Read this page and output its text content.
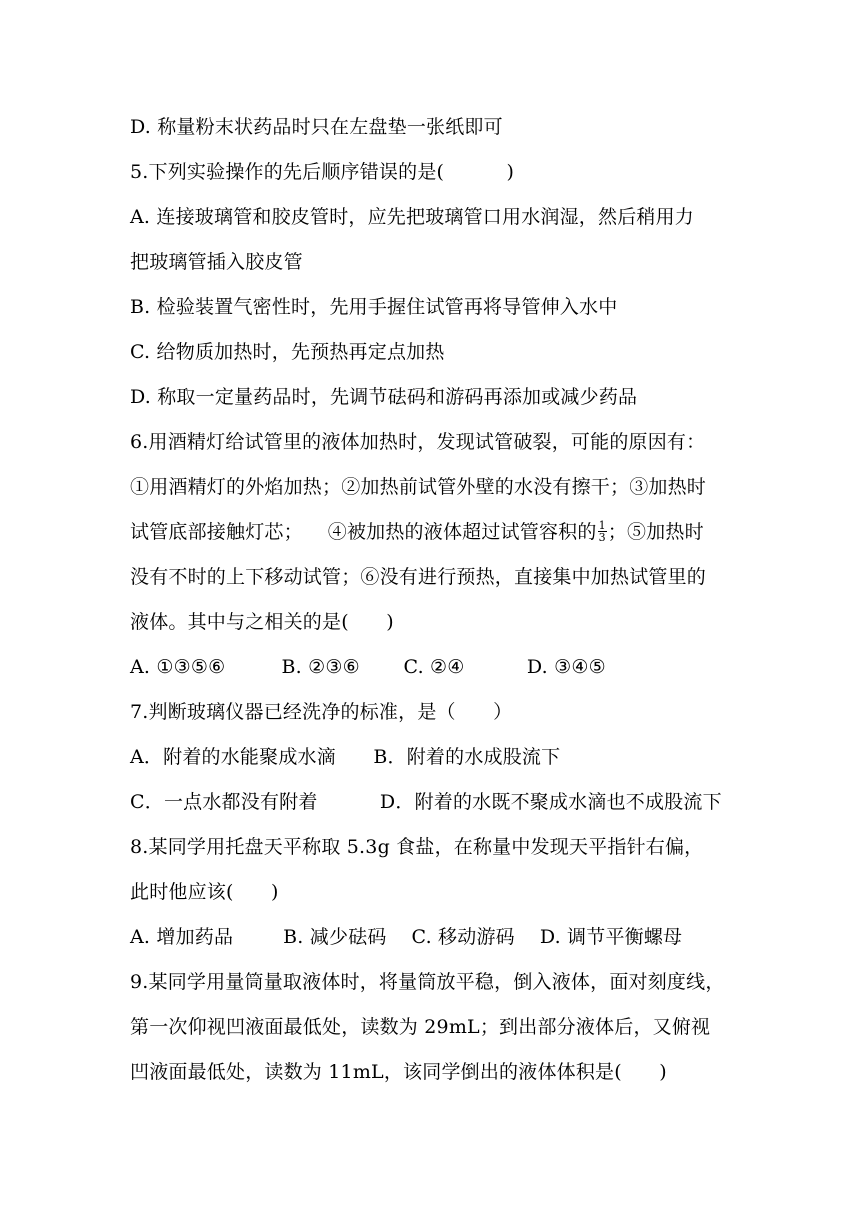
D. 称量粉末状药品时只在左盘垫一张纸即可
5.下列实验操作的先后顺序错误的是(          )
A. 连接玻璃管和胶皮管时，应先把玻璃管口用水润湿，然后稍用力
把玻璃管插入胶皮管
B. 检验装置气密性时，先用手握住试管再将导管伸入水中
C. 给物质加热时，先预热再定点加热
D. 称取一定量药品时，先调节砝码和游码再添加或减少药品
6.用酒精灯给试管里的液体加热时，发现试管破裂，可能的原因有：
①用酒精灯的外焰加热；②加热前试管外壁的水没有擦干；③加热时
试管底部接触灯芯；    ④被加热的液体超过试管容积的 $\frac{1}{3}$ ；⑤加热时
没有不时的上下移动试管；⑥没有进行预热，直接集中加热试管里的
液体。其中与之相关的是(      )
A. ①③⑤⑥         B. ②③⑥       C. ②④          D. ③④⑤
7.判断玻璃仪器已经洗净的标准，是（      ）
A．附着的水能聚成水滴      B．附着的水成股流下
C．一点水都没有附着          D．附着的水既不聚成水滴也不成股流下
8.某同学用托盘天平称取 5.3g 食盐，在称量中发现天平指针右偏，
此时他应该(      )
A. 增加药品        B. 减少砝码    C. 移动游码    D. 调节平衡螺母
9.某同学用量筒量取液体时，将量筒放平稳，倒入液体，面对刻度线，
第一次仰视凹液面最低处，读数为 29mL；到出部分液体后，又俯视
凹液面最低处，读数为 11mL，该同学倒出的液体体积是(      )
